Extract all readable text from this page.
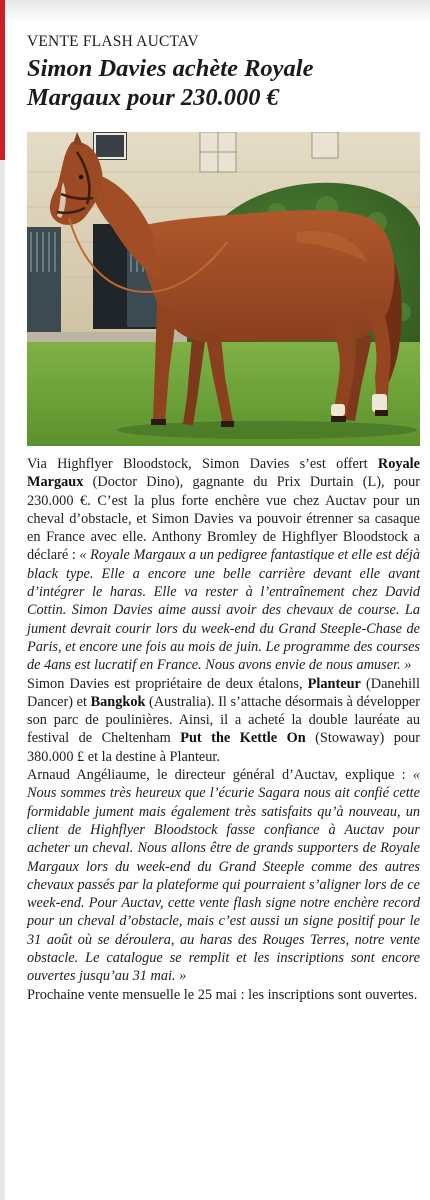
VENTE FLASH AUCTAV
Simon Davies achète Royale Margaux pour 230.000 €

Via Highflyer Bloodstock, Simon Davies s’est offert Royale Margaux (Doctor Dino), gagnante du Prix Durtain (L), pour 230.000 €. C’est la plus forte enchère vue chez Auctav pour un cheval d’obstacle, et Simon Davies va pouvoir étrenner sa casaque en France avec elle. Anthony Bromley de Highflyer Bloodstock a déclaré : « Royale Margaux a un pedigree fantastique et elle est déjà black type. Elle a encore une belle carrière devant elle avant d’intégrer le haras. Elle va rester à l’entraînement chez David Cottin. Simon Davies aime aussi avoir des chevaux de course. La jument devrait courir lors du week-end du Grand Steeple-Chase de Paris, et encore une fois au mois de juin. Le programme des courses de 4ans est lucratif en France. Nous avons envie de nous amuser. »

Simon Davies est propriétaire de deux étalons, Planteur (Danehill Dancer) et Bangkok (Australia). Il s’attache désormais à développer son parc de poulinières. Ainsi, il a acheté la double lauréate au festival de Cheltenham Put the Kettle On (Stowaway) pour 380.000 £ et la destine à Planteur.

Arnaud Angéliaume, le directeur général d’Auctav, explique : « Nous sommes très heureux que l’écurie Sagara nous ait confié cette formidable jument mais également très satisfaits qu’à nouveau, un client de Highflyer Bloodstock fasse confiance à Auctav pour acheter un cheval. Nous allons être de grands supporters de Royale Margaux lors du week-end du Grand Steeple comme des autres chevaux passés par la plateforme qui pourraient s’aligner lors de ce week-end. Pour Auctav, cette vente flash signe notre enchère record pour un cheval d’obstacle, mais c’est aussi un signe positif pour le 31 août où se déroulera, au haras des Rouges Terres, notre vente obstacle. Le catalogue se remplit et les inscriptions sont encore ouvertes jusqu’au 31 mai. »

Prochaine vente mensuelle le 25 mai : les inscriptions sont ouvertes.
